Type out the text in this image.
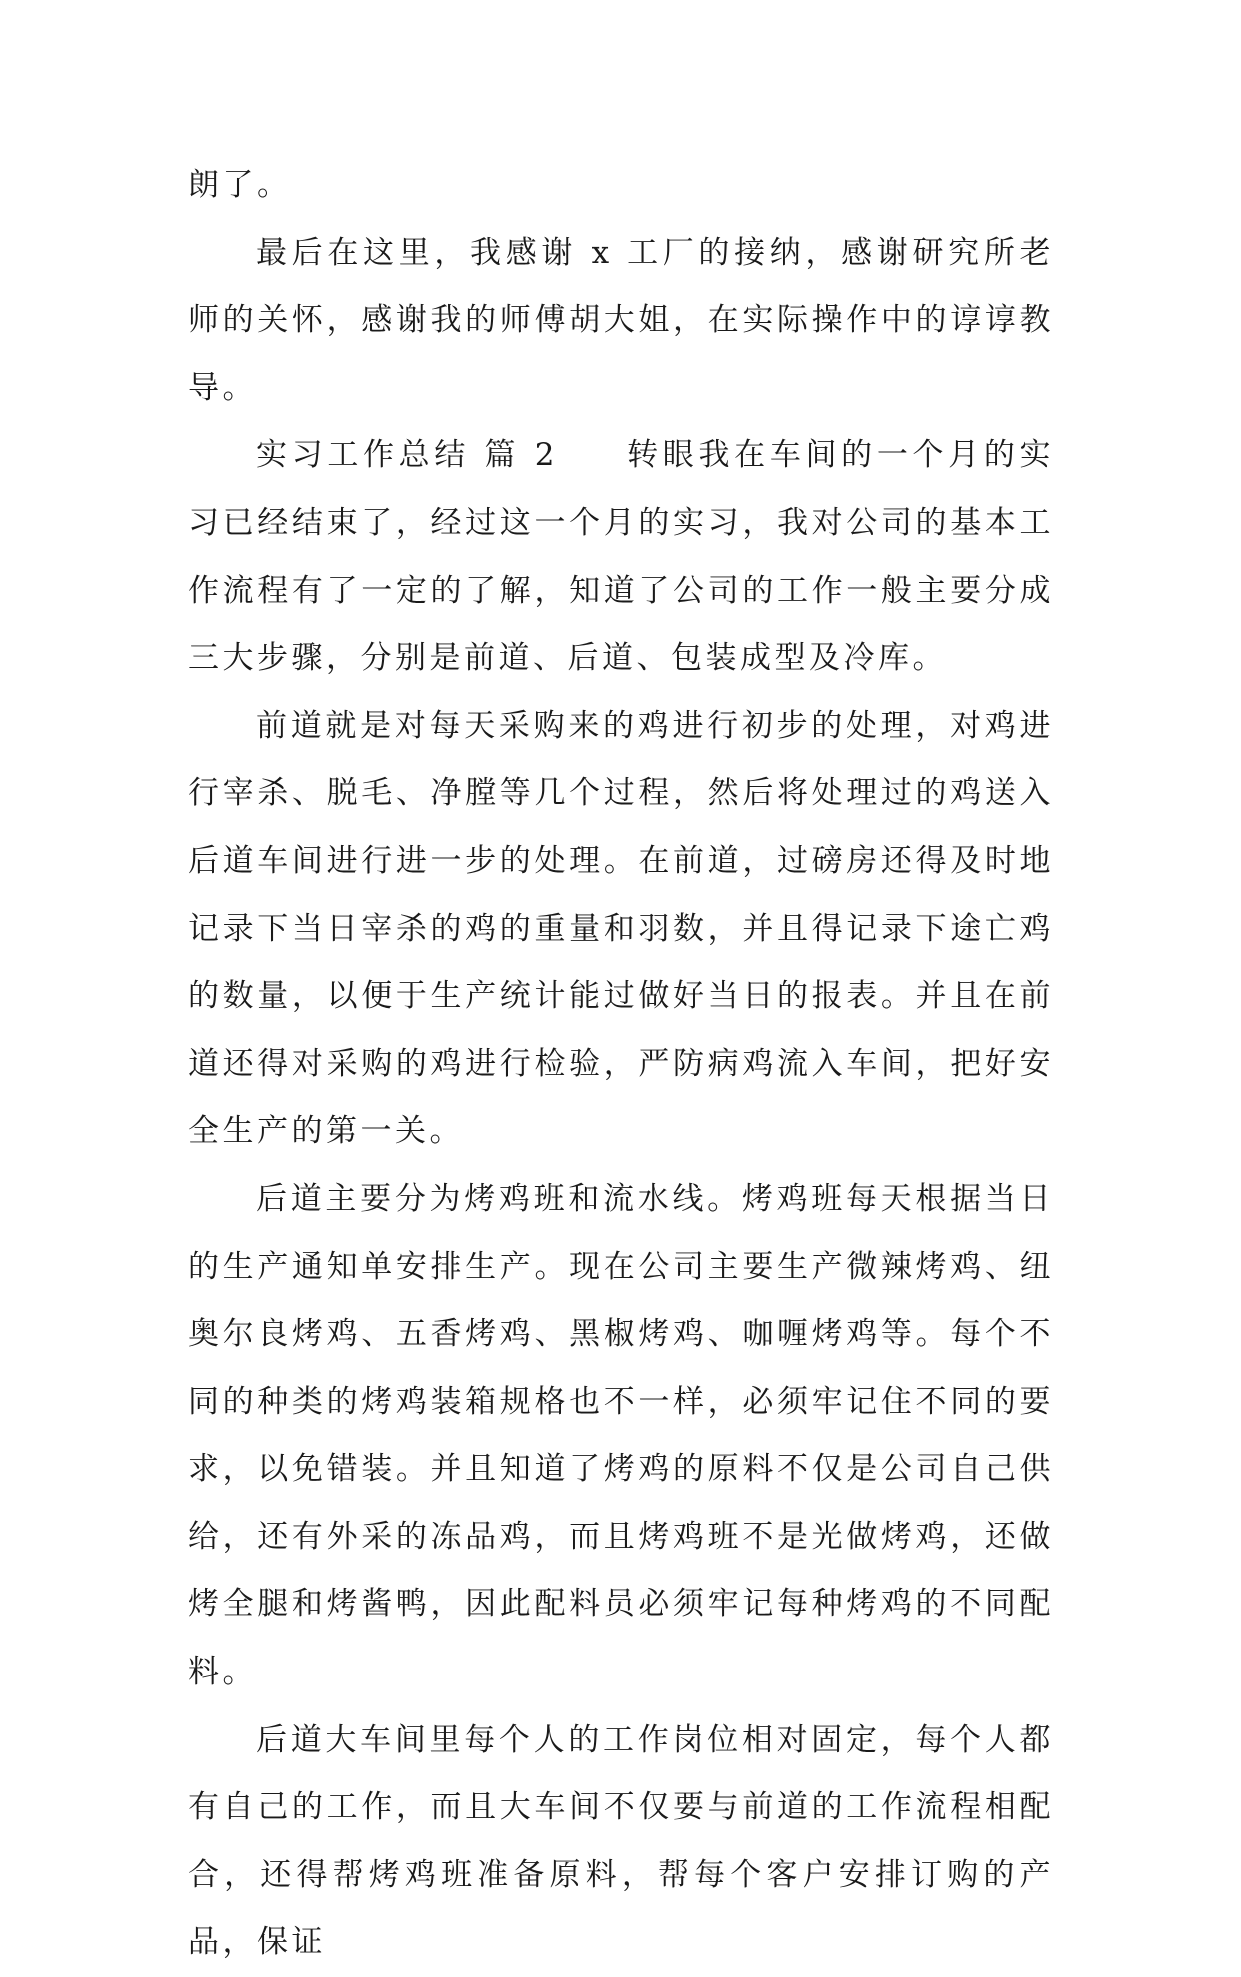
朗了。

最后在这里，我感谢 x 工厂的接纳，感谢研究所老师的关怀，感谢我的师傅胡大姐，在实际操作中的谆谆教导。

实习工作总结 篇 2 转眼我在车间的一个月的实习已经结束了，经过这一个月的实习，我对公司的基本工作流程有了一定的了解，知道了公司的工作一般主要分成三大步骤，分别是前道、后道、包装成型及冷库。

前道就是对每天采购来的鸡进行初步的处理，对鸡进行宰杀、脱毛、净膛等几个过程，然后将处理过的鸡送入后道车间进行进一步的处理。在前道，过磅房还得及时地记录下当日宰杀的鸡的重量和羽数，并且得记录下途亡鸡的数量，以便于生产统计能过做好当日的报表。并且在前道还得对采购的鸡进行检验，严防病鸡流入车间，把好安全生产的第一关。

后道主要分为烤鸡班和流水线。烤鸡班每天根据当日的生产通知单安排生产。现在公司主要生产微辣烤鸡、纽奥尔良烤鸡、五香烤鸡、黑椒烤鸡、咖喱烤鸡等。每个不同的种类的烤鸡装箱规格也不一样，必须牢记住不同的要求，以免错装。并且知道了烤鸡的原料不仅是公司自己供给，还有外采的冻品鸡，而且烤鸡班不是光做烤鸡，还做烤全腿和烤酱鸭，因此配料员必须牢记每种烤鸡的不同配料。

后道大车间里每个人的工作岗位相对固定，每个人都有自己的工作，而且大车间不仅要与前道的工作流程相配合，还得帮烤鸡班准备原料，帮每个客户安排订购的产品，保证
